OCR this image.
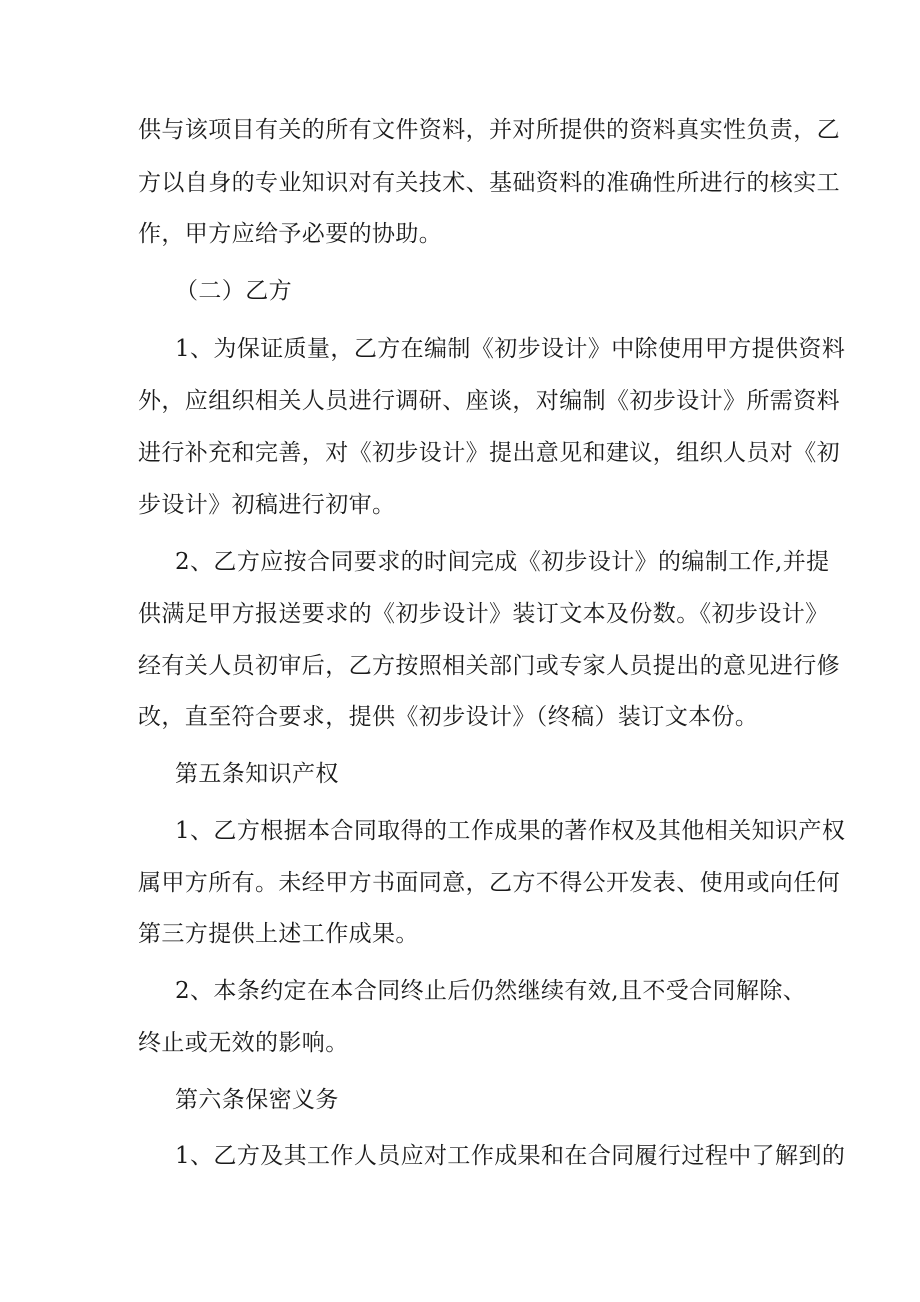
供与该项目有关的所有文件资料，并对所提供的资料真实性负责，乙
方以自身的专业知识对有关技术、基础资料的准确性所进行的核实工
作，甲方应给予必要的协助。
（二）乙方
1、为保证质量，乙方在编制《初步设计》中除使用甲方提供资料
外，应组织相关人员进行调研、座谈，对编制《初步设计》所需资料
进行补充和完善，对《初步设计》提出意见和建议，组织人员对《初
步设计》初稿进行初审。
2、乙方应按合同要求的时间完成《初步设计》的编制工作,并提
供满足甲方报送要求的《初步设计》装订文本及份数。《初步设计》
经有关人员初审后，乙方按照相关部门或专家人员提出的意见进行修
改，直至符合要求，提供《初步设计》（终稿）装订文本份。
第五条知识产权
1、乙方根据本合同取得的工作成果的著作权及其他相关知识产权
属甲方所有。未经甲方书面同意，乙方不得公开发表、使用或向任何
第三方提供上述工作成果。
2、本条约定在本合同终止后仍然继续有效,且不受合同解除、
终止或无效的影响。
第六条保密义务
1、乙方及其工作人员应对工作成果和在合同履行过程中了解到的
